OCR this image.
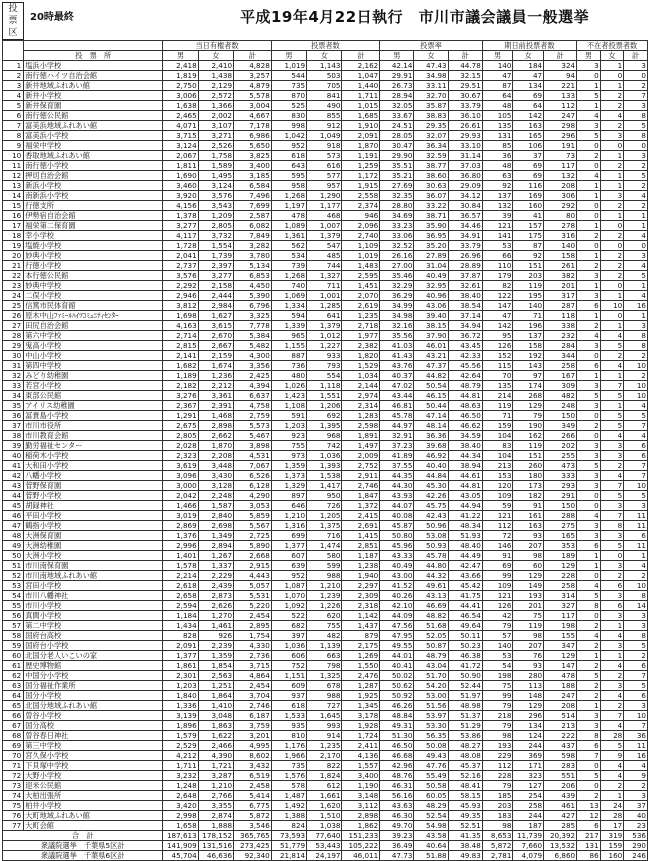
投
票
区
20時最終	平成19年4月22日執行　市川市議会議員一般選挙
		当日有権者数			投票者数			投票率			期日前投票者数			不在者投票者数		
	投　票　所	男	女	計	男	女	計	男	女	計	男	女	計	男	女	計
1	塩浜小学校	2,418	2,410	4,828	1,019	1,143	2,162	42.14	47.43	44.78	140	184	324	3	1	3
2	南行徳ハイツ自治会館	1,819	1,438	3,257	544	503	1,047	29.91	34.98	32.15	47	47	94	0	0	0
3	新井地域ふれあい館	2,750	2,129	4,879	735	705	1,440	26.73	33.11	29.51	87	134	221	1	1	2
4	新井小学校	3,006	2,572	5,578	870	841	1,711	28.94	32.70	30.67	64	69	133	5	2	7
5	新井保育園	1,638	1,366	3,004	525	490	1,015	32.05	35.87	33.79	48	64	112	1	2	3
6	南行徳公民館	2,465	2,002	4,667	830	855	1,685	33.67	38.83	36.10	105	142	247	4	4	8
7	富美浜地域ふれあい館	4,071	3,107	7,178	998	912	1,910	24.51	29.35	26.61	135	163	298	3	2	5
8	富美浜小学校	3,715	3,271	6,986	1,042	1,049	2,091	28.05	32.07	29.93	131	165	296	5	3	8
9	福栄中学校	3,124	2,526	5,650	952	918	1,870	30.47	36.34	33.10	85	106	191	0	0	0
10	香取地域ふれあい館	2,067	1,758	3,825	618	573	1,191	29.90	32.59	31.14	36	37	73	2	1	3
11	南行徳小学校	1,811	1,589	3,400	643	616	1,259	35.51	38.77	37.03	48	69	117	0	2	2
12	押切自治会館	1,690	1,495	3,185	595	577	1,172	35.21	38.60	36.80	63	69	132	4	1	5
13	新浜小学校	3,460	3,124	6,584	958	957	1,915	27.69	30.63	29.09	92	116	208	1	1	2
14	南新浜小学校	3,920	3,576	7,496	1,268	1,290	2,558	32.35	36.07	34.12	137	169	306	1	3	4
15	行徳支所	4,156	3,543	7,699	1,197	1,177	2,374	28.80	33.22	30.84	132	160	292	0	2	2
16	伊勢宿自治会館	1,378	1,209	2,587	478	468	946	34.69	38.71	36.57	39	41	80	0	1	1
17	福栄第二保育園	3,277	2,805	6,082	1,089	1,007	2,096	33.23	35.90	34.46	121	157	278	1	0	1
18	幸小学校	4,117	3,732	7,849	1,361	1,379	2,740	33.06	36.95	34.91	141	175	316	2	2	4
19	塩焼小学校	1,728	1,554	3,282	562	547	1,109	32.52	35.20	33.79	53	87	140	0	0	0
20	妙典小学校	2,041	1,739	3,780	534	485	1,019	26.16	27.89	26.96	66	92	158	1	2	3
21	行徳小学校	2,737	2,397	5,134	739	744	1,483	27.00	31.04	28.89	110	151	261	2	2	4
22	本行徳公民館	3,576	3,277	6,853	1,268	1,327	2,595	35.46	40.49	37.87	179	203	382	3	2	5
23	妙典中学校	2,292	2,158	4,450	740	711	1,451	32.29	32.95	32.61	82	119	201	1	0	1
24	二俣小学校	2,946	2,444	5,390	1,069	1,001	2,070	36.29	40.96	38.40	122	195	317	3	1	4
25	信篤市民体育館	3,812	2,984	6,796	1,334	1,285	2,619	34.99	43.06	38.54	147	140	287	6	10	16
26	原木中山ﾌｧﾐｰﾙﾊｲﾂｺﾐｭﾆﾃｨｾﾝﾀｰ	1,698	1,627	3,325	594	641	1,235	34.98	39.40	37.14	47	71	118	1	0	1
27	田尻自治会館	4,163	3,615	7,778	1,339	1,379	2,718	32.16	38.15	34.94	142	196	338	2	1	3
28	第六中学校	2,714	2,670	5,384	965	1,012	1,977	35.56	37.90	36.72	95	137	232	4	4	8
29	鬼高小学校	2,815	2,667	5,482	1,155	1,227	2,382	41.03	46.01	43.45	126	158	284	3	5	8
30	中山小学校	2,141	2,159	4,300	887	933	1,820	41.43	43.21	42.33	152	192	344	0	2	2
31	第四中学校	1,682	1,674	3,356	736	793	1,529	43.76	47.37	45.56	115	143	258	6	4	10
32	みどり幼稚園	1,189	1,236	2,425	480	554	1,034	40.37	44.82	42.64	70	97	167	1	1	2
33	若宮小学校	2,182	2,212	4,394	1,026	1,118	2,144	47.02	50.54	48.79	135	174	309	3	7	10
34	東部公民館	3,276	3,361	6,637	1,423	1,551	2,974	43.44	46.15	44.81	214	268	482	5	5	10
35	アイリス幼稚園	2,367	2,391	4,758	1,108	1,206	2,314	46.81	50.44	48.63	119	129	248	3	1	4
36	冨貴島小学校	1,291	1,468	2,759	591	692	1,283	45.78	47.14	46.50	71	79	150	0	5	5
37	市川市役所	2,675	2,898	5,573	1,203	1,395	2,598	44.97	48.14	46.62	159	190	349	2	5	7
38	市川教育会館	2,805	2,662	5,467	923	968	1,891	32.91	36.36	34.59	104	162	266	0	4	4
39	勤労福祉センター	2,028	1,870	3,898	755	742	1,497	37.23	39.68	38.40	83	119	202	3	3	6
40	稲荷木小学校	2,323	2,208	4,531	973	1,036	2,009	41.89	46.92	44.34	104	151	255	3	3	6
41	大和田小学校	3,619	3,448	7,067	1,359	1,393	2,752	37.55	40.40	38.94	213	260	473	5	2	7
42	八幡小学校	3,096	3,430	6,526	1,373	1,538	2,911	44.35	44.84	44.61	153	180	333	3	4	7
43	菅野保育園	3,000	3,128	6,128	1,329	1,417	2,746	44.30	45.30	44.81	120	173	293	3	7	10
44	菅野小学校	2,042	2,248	4,290	897	950	1,847	43.93	42.26	43.05	109	182	291	0	5	5
45	胡録神社	1,466	1,587	3,053	646	726	1,372	44.07	45.75	44.94	59	91	150	0	3	3
46	平田小学校	3,019	2,840	5,859	1,210	1,205	2,415	40.08	42.43	41.22	121	161	288	4	7	11
47	鶴指小学校	2,869	2,698	5,567	1,316	1,375	2,691	45.87	50.96	48.34	112	163	275	3	8	11
48	大洲保育園	1,376	1,349	2,725	699	716	1,415	50.80	53.08	51.93	72	93	165	3	3	6
49	大洲幼稚園	2,996	2,894	5,890	1,377	1,474	2,851	45.96	50.93	48.40	146	207	353	6	5	11
50	大洲小学校	1,401	1,267	2,668	607	580	1,187	43.33	45.78	44.49	91	98	189	1	0	1
51	市川南保育園	1,578	1,337	2,915	639	599	1,238	40.49	44.80	42.47	69	60	129	1	3	4
52	市川南地域ふれあい館	2,214	2,229	4,443	952	988	1,940	43.00	44.32	43.66	99	129	228	0	2	2
53	宮田小学校	2,618	2,439	5,057	1,087	1,210	2,297	41.52	49.61	45.42	109	149	258	4	6	10
54	市川八幡神社	2,658	2,873	5,531	1,070	1,239	2,309	40.26	43.13	41.75	121	193	314	5	3	8
55	市川小学校	2,594	2,626	5,220	1,092	1,226	2,318	42.10	46.69	44.41	126	201	327	8	6	14
56	真間小学校	1,184	1,270	2,454	522	620	1,142	44.09	48.82	46.54	42	75	117	0	3	3
57	第二中学校	1,434	1,461	2,895	682	755	1,437	47.56	51.68	49.64	79	119	198	2	1	3
58	国府台高校	828	926	1,754	397	482	879	47.95	52.05	50.11	57	98	155	4	4	8
59	国府台小学校	2,091	2,239	4,330	1,036	1,139	2,175	49.55	50.87	50.23	140	207	347	2	3	5
60	北国分老人いこいの家	1,377	1,359	2,736	606	663	1,269	44.01	48.79	46.38	53	76	129	1	1	2
61	歴史博物館	1,861	1,854	3,715	752	798	1,550	40.41	43.04	41.72	54	93	147	2	4	6
62	中国分小学校	2,301	2,563	4,864	1,151	1,325	2,476	50.02	51.70	50.90	198	280	478	5	2	7
63	国分福祉作業所	1,203	1,251	2,454	609	678	1,287	50.62	54.20	52.44	75	113	188	2	3	5
64	国分小学校	1,840	1,864	3,704	937	988	1,925	50.92	53.00	51.97	99	148	247	2	4	6
65	北国分地域ふれあい館	1,336	1,410	2,746	618	727	1,345	46.26	51.56	48.98	79	129	208	1	2	3
66	曽谷小学校	3,139	3,048	6,187	1,533	1,645	3,178	48.84	53.97	51.37	218	296	514	3	7	10
67	国分高校	1,896	1,863	3,759	935	993	1,928	49.31	53.30	51.29	79	134	213	3	4	7
68	曽谷春日神社	1,579	1,622	3,201	810	914	1,724	51.30	56.35	53.86	98	124	222	8	28	36
69	第三中学校	2,529	2,466	4,995	1,176	1,235	2,411	46.50	50.08	48.27	193	244	437	6	5	11
70	宮久保小学校	4,212	4,390	8,602	1,966	2,170	4,136	46.68	49.43	48.08	229	369	598	7	9	16
71	下貝塚中学校	1,711	1,721	3,432	735	822	1,557	42.96	47.76	45.37	112	171	283	0	4	4
72	大野小学校	3,232	3,287	6,519	1,576	1,824	3,400	48.76	55.49	52.16	228	323	551	5	4	9
73	迎米公民館	1,248	1,210	2,458	578	612	1,190	46.31	50.58	48.41	79	127	206	0	2	2
74	大柏出張所	2,648	2,766	5,414	1,487	1,661	3,148	56.16	60.05	58.15	185	254	439	2	1	3
75	柏井小学校	3,420	3,355	6,775	1,492	1,620	3,112	43.63	48.29	45.93	203	258	461	13	24	37
76	大町地域ふれあい館	2,998	2,874	5,872	1,388	1,510	2,898	46.30	52.54	49.35	183	244	427	12	28	40
77	大町会館	1,658	1,888	3,546	824	1,038	1,862	49.70	54.98	52.51	98	187	285	6	17	23
合　計		187,613	178,152	365,765	73,593	77,640	151,233	39.23	43.58	41.35	8,653	11,739	20,392	217	319	536
衆議院選挙　千葉県5区計		141,909	131,516	273,425	51,779	53,443	105,222	36.49	40.64	38.48	5,872	7,660	13,532	131	159	290
衆議院選挙　千葉県6区計		45,704	46,636	92,340	21,814	24,197	46,011	47.73	51.88	49.83	2,781	4,079	6,860	86	160	246
